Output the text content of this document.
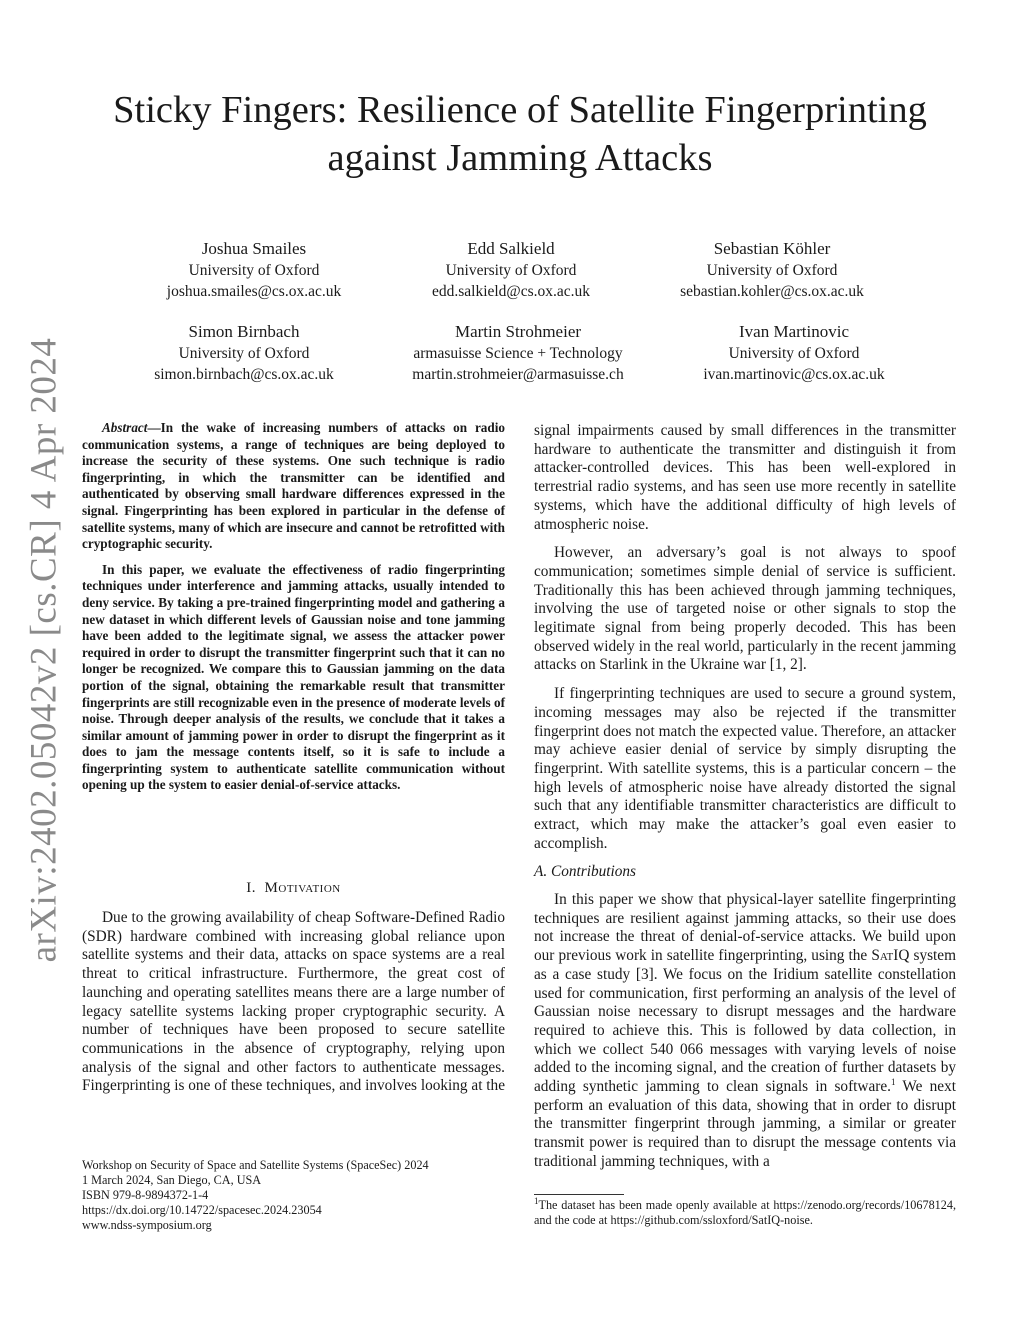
arXiv:2402.05042v2 [cs.CR] 4 Apr 2024
Sticky Fingers: Resilience of Satellite Fingerprinting
against Jamming Attacks
Joshua Smailes
University of Oxford
joshua.smailes@cs.ox.ac.uk
Edd Salkield
University of Oxford
edd.salkield@cs.ox.ac.uk
Sebastian Köhler
University of Oxford
sebastian.kohler@cs.ox.ac.uk
Simon Birnbach
University of Oxford
simon.birnbach@cs.ox.ac.uk
Martin Strohmeier
armasuisse Science + Technology
martin.strohmeier@armasuisse.ch
Ivan Martinovic
University of Oxford
ivan.martinovic@cs.ox.ac.uk

Abstract—In the wake of increasing numbers of attacks on radio communication systems, a range of techniques are being deployed to increase the security of these systems. One such technique is radio fingerprinting, in which the transmitter can be identified and authenticated by observing small hardware differences expressed in the signal. Fingerprinting has been explored in particular in the defense of satellite systems, many of which are insecure and cannot be retrofitted with cryptographic security.

In this paper, we evaluate the effectiveness of radio fingerprinting techniques under interference and jamming attacks, usually intended to deny service. By taking a pre-trained fingerprinting model and gathering a new dataset in which different levels of Gaussian noise and tone jamming have been added to the legitimate signal, we assess the attacker power required in order to disrupt the transmitter fingerprint such that it can no longer be recognized. We compare this to Gaussian jamming on the data portion of the signal, obtaining the remarkable result that transmitter fingerprints are still recognizable even in the presence of moderate levels of noise. Through deeper analysis of the results, we conclude that it takes a similar amount of jamming power in order to disrupt the fingerprint as it does to jam the message contents itself, so it is safe to include a fingerprinting system to authenticate satellite communication without opening up the system to easier denial-of-service attacks.

I. Motivation

Due to the growing availability of cheap Software-Defined Radio (SDR) hardware combined with increasing global reliance upon satellite systems and their data, attacks on space systems are a real threat to critical infrastructure. Furthermore, the great cost of launching and operating satellites means there are a large number of legacy satellite systems lacking proper cryptographic security. A number of techniques have been proposed to secure satellite communications in the absence of cryptography, relying upon analysis of the signal and other factors to authenticate messages. Fingerprinting is one of these techniques, and involves looking at the

signal impairments caused by small differences in the transmitter hardware to authenticate the transmitter and distinguish it from attacker-controlled devices. This has been well-explored in terrestrial radio systems, and has seen use more recently in satellite systems, which have the additional difficulty of high levels of atmospheric noise.

Workshop on Security of Space and Satellite Systems (SpaceSec) 2024
1 March 2024, San Diego, CA, USA
ISBN 979-8-9894372-1-4
https://dx.doi.org/10.14722/spacesec.2024.23054
www.ndss-symposium.org

However, an adversary’s goal is not always to spoof communication; sometimes simple denial of service is sufficient. Traditionally this has been achieved through jamming techniques, involving the use of targeted noise or other signals to stop the legitimate signal from being properly decoded. This has been observed widely in the real world, particularly in the recent jamming attacks on Starlink in the Ukraine war [1, 2].

If fingerprinting techniques are used to secure a ground system, incoming messages may also be rejected if the transmitter fingerprint does not match the expected value. Therefore, an attacker may achieve easier denial of service by simply disrupting the fingerprint. With satellite systems, this is a particular concern – the high levels of atmospheric noise have already distorted the signal such that any identifiable transmitter characteristics are difficult to extract, which may make the attacker’s goal even easier to accomplish.

A. Contributions

In this paper we show that physical-layer satellite fingerprinting techniques are resilient against jamming attacks, so their use does not increase the threat of denial-of-service attacks. We build upon our previous work in satellite fingerprinting, using the SatIQ system as a case study [3]. We focus on the Iridium satellite constellation used for communication, first performing an analysis of the level of Gaussian noise necessary to disrupt messages and the hardware required to achieve this. This is followed by data collection, in which we collect 540 066 messages with varying levels of noise added to the incoming signal, and the creation of further datasets by adding synthetic jamming to clean signals in software.$^1$ We next perform an evaluation of this data, showing that in order to disrupt the transmitter fingerprint through jamming, a similar or greater transmit power is required than to disrupt the message contents via traditional jamming techniques, with a

$^1$The dataset has been made openly available at https://zenodo.org/records/10678124, and the code at https://github.com/ssloxford/SatIQ-noise.
